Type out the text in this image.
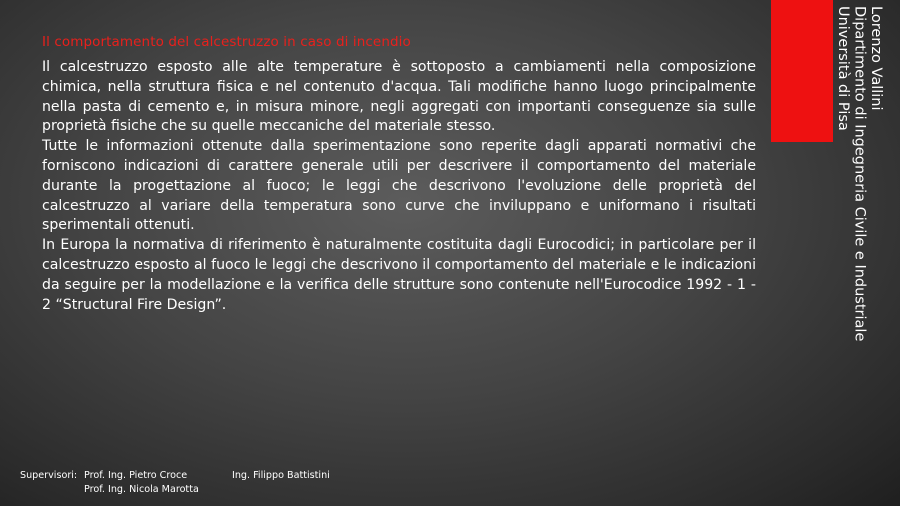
Il comportamento del calcestruzzo in caso di incendio

Il calcestruzzo esposto alle alte temperature è sottoposto a cambiamenti nella composizione chimica, nella struttura fisica e nel contenuto d'acqua. Tali modifiche hanno luogo principalmente nella pasta di cemento e, in misura minore, negli aggregati con importanti conseguenze sia sulle proprietà fisiche che su quelle meccaniche del materiale stesso.

Tutte le informazioni ottenute dalla sperimentazione sono reperite dagli apparati normativi che forniscono indicazioni di carattere generale utili per descrivere il comportamento del materiale durante la progettazione al fuoco; le leggi che descrivono l'evoluzione delle proprietà del calcestruzzo al variare della temperatura sono curve che inviluppano e uniformano i risultati sperimentali ottenuti.

In Europa la normativa di riferimento è naturalmente costituita dagli Eurocodici; in particolare per il calcestruzzo esposto al fuoco le leggi che descrivono il comportamento del materiale e le indicazioni da seguire per la modellazione e la verifica delle strutture sono contenute nell'Eurocodice 1992 - 1 - 2 “Structural Fire Design”.

Lorenzo Vallini
Dipartimento di Ingegneria Civile e Industriale
Università di Pisa
Supervisori: Prof. Ing. Pietro Croce	Ing. Filippo Battistini
Prof. Ing. Nicola Marotta
